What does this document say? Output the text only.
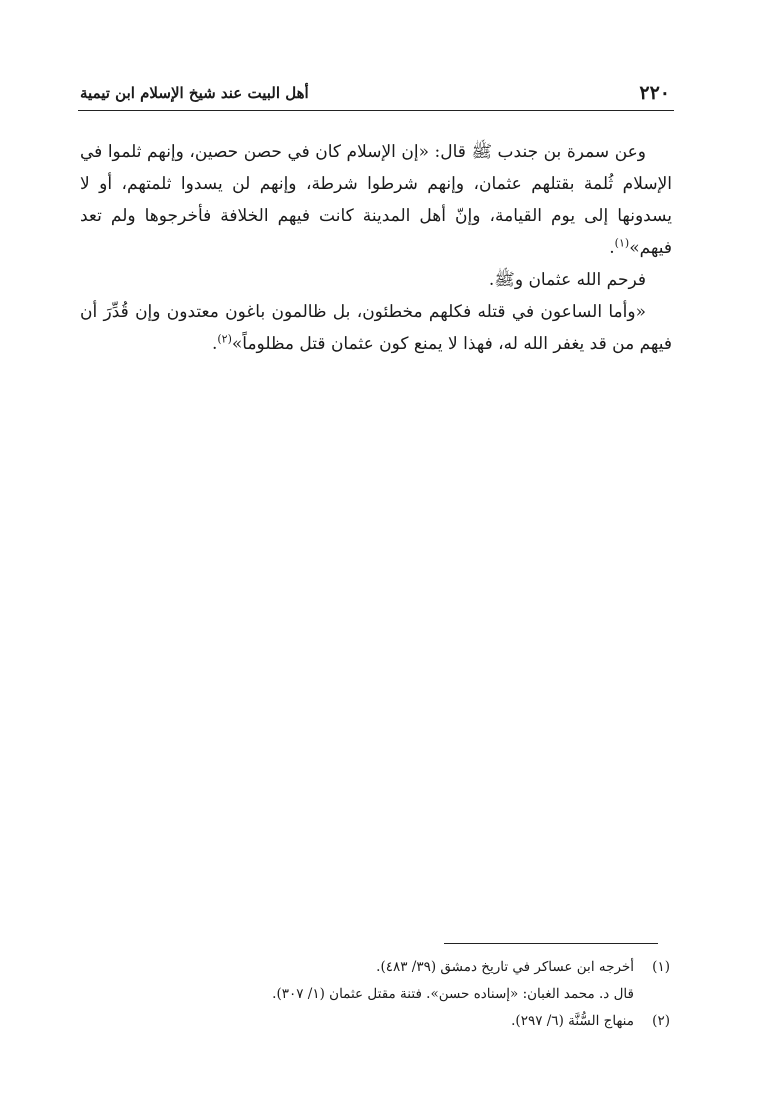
٢٢٠
أهل البيت عند شيخ الإسلام ابن تيمية

وعن سمرة بن جندب ﷺ قال: «إن الإسلام كان في حصن حصين، وإنهم ثلموا في الإسلام ثُلمة بقتلهم عثمان، وإنهم شرطوا شرطة، وإنهم لن يسدوا ثلمتهم، أو لا يسدونها إلى يوم القيامة، وإنّ أهل المدينة كانت فيهم الخلافة فأخرجوها ولم تعد فيهم»$^{(١)}$.

فرحم الله عثمان وﷺ.

«وأما الساعون في قتله فكلهم مخطئون، بل ظالمون باغون معتدون وإن قُدِّرَ أن فيهم من قد يغفر الله له، فهذا لا يمنع كون عثمان قتل مظلوماً»$^{(٢)}$.

(١)أخرجه ابن عساكر في تاريخ دمشق (٣٩/ ٤٨٣).
قال د. محمد الغبان: «إسناده حسن». فتنة مقتل عثمان (١/ ٣٠٧).
(٢)منهاج السُّنَّة (٦/ ٢٩٧).
